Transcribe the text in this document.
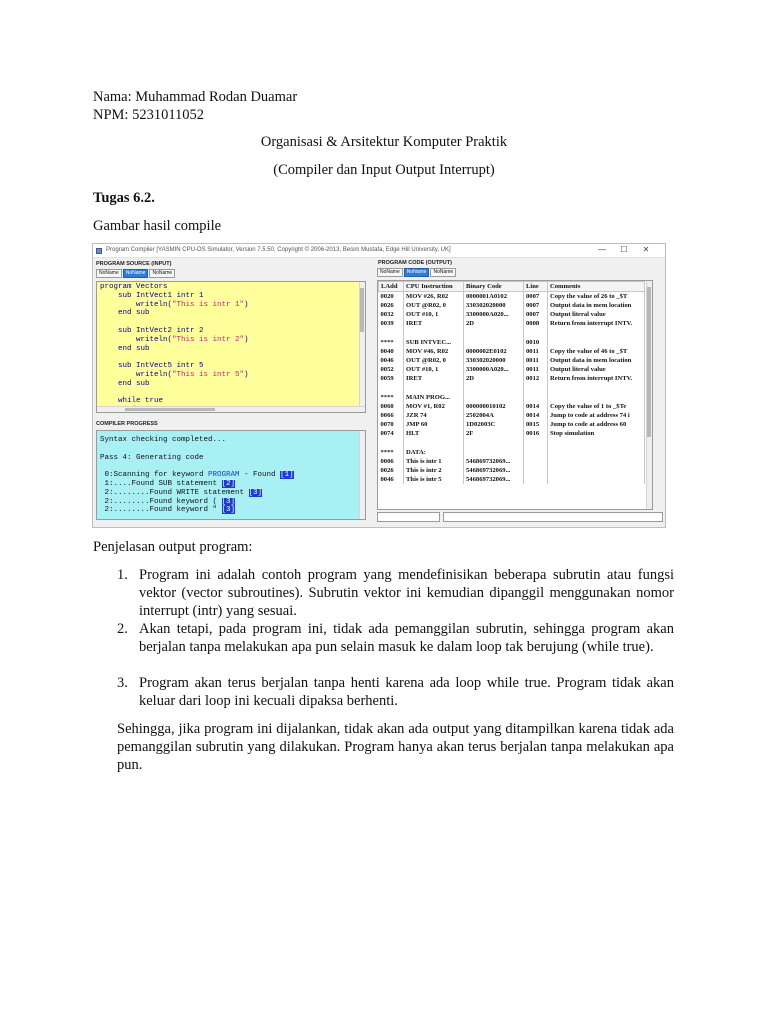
Nama: Muhammad Rodan Duamar
NPM: 5231011052
Organisasi & Arsitektur Komputer Praktik
(Compiler dan Input Output Interrupt)
Tugas 6.2.
Gambar hasil compile
Program Compiler [YASMIN CPU-OS Simulator, Version 7.5.50, Copyright © 2006-2013, Besim Mustafa, Edge Hill University, UK]	— ☐ ✕
PROGRAM SOURCE (INPUT)
NoName	NoName	NoName
program Vectors
sub IntVect1 intr 1
writeln("This is intr 1")
end sub

sub IntVect2 intr 2
writeln("This is intr 2")
end sub

sub IntVect5 intr 5
writeln("This is intr 5")
end sub

while true
COMPILER PROGRESS
Syntax checking completed...

Pass 4: Generating code

0:Scanning for keyword PROGRAM - Found [1]
1:....Found SUB statement [2]
2:........Found WRITE statement [3]
2:........Found keyword ( [3]
2:........Found keyword " [3]
PROGRAM CODE (OUTPUT)
NoName	NoName	NoName
LAdd	CPU Instruction	Binary Code	Line	Comments
0020	MOV #26, R02	0000001A0102	0007	Copy the value of 26 to _$T
0026	OUT @R02, 0	330302020000	0007	Output data in mem location
0032	OUT #10, 1	3300000A020...	0007	Output literal value
0039	IRET	2D	0008	Return from interrupt INTV.

****	SUB INTVEC...		0010	
0040	MOV #46, R02	0000002E0102	0011	Copy the value of 46 to _$T
0046	OUT @R02, 0	330302020000	0011	Output data in mem location
0052	OUT #10, 1	3300000A020...	0011	Output literal value
0059	IRET	2D	0012	Return from interrupt INTV.

****	MAIN PROG...			
0060	MOV #1, R02	000000010102	0014	Copy the value of 1 to _$Te
0066	JZR 74	2502004A	0014	Jump to code at address 74 i
0070	JMP 60	1D02003C	0015	Jump to code at address 60
0074	HLT	2F	0016	Stop simulation

****	DATA:			
0006	This is intr 1	546869732069...		
0026	This is intr 2	546869732069...		
0046	This is intr 5	546869732069...		
Penjelasan output program:
1. Program ini adalah contoh program yang mendefinisikan beberapa subrutin atau fungsi vektor (vector subroutines). Subrutin vektor ini kemudian dipanggil menggunakan nomor interrupt (intr) yang sesuai.
2. Akan tetapi, pada program ini, tidak ada pemanggilan subrutin, sehingga program akan berjalan tanpa melakukan apa pun selain masuk ke dalam loop tak berujung (while true).
3. Program akan terus berjalan tanpa henti karena ada loop while true. Program tidak akan keluar dari loop ini kecuali dipaksa berhenti.
Sehingga, jika program ini dijalankan, tidak akan ada output yang ditampilkan karena tidak ada pemanggilan subrutin yang dilakukan. Program hanya akan terus berjalan tanpa melakukan apa pun.
